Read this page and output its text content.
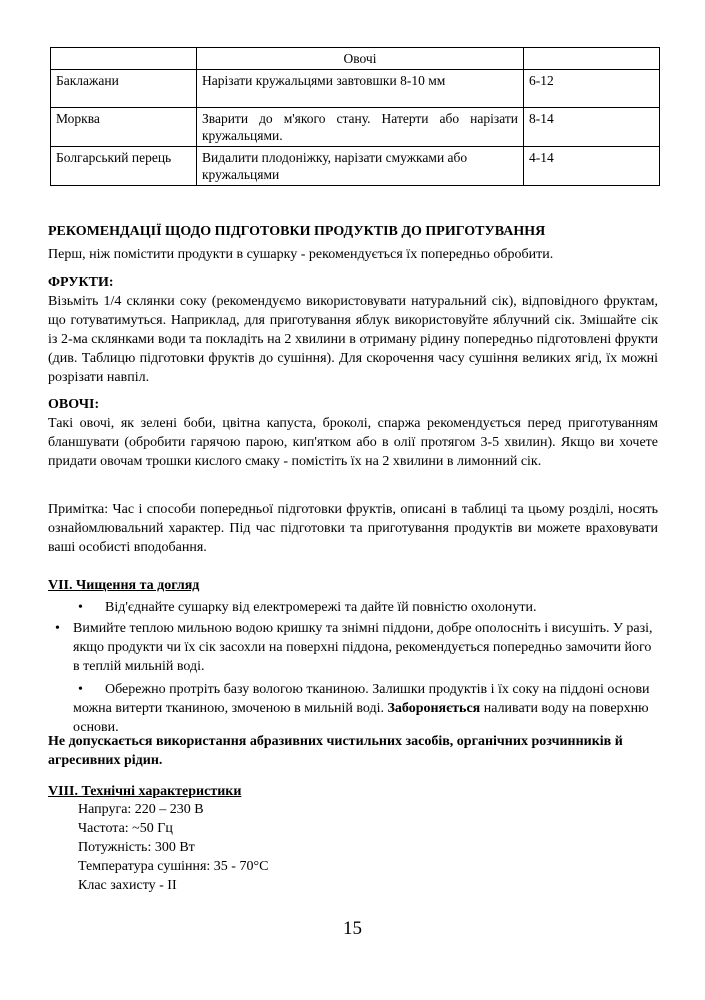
	Овочі	
Баклажани	Нарізати кружальцями завтовшки 8-10 мм	6-12
Морква	Зварити до м'якого стану. Натерти або нарізати кружальцями.	8-14
Болгарський перець	Видалити плодоніжку, нарізати смужками або кружальцями	4-14

РЕКОМЕНДАЦІЇ ЩОДО ПІДГОТОВКИ ПРОДУКТІВ ДО ПРИГОТУВАННЯ

Перш, ніж помістити продукти в сушарку - рекомендується їх попередньо обробити.

ФРУКТИ:

Візьміть 1/4 склянки соку (рекомендуємо використовувати натуральний сік), відповідного фруктам, що готуватимуться. Наприклад, для приготування яблук використовуйте яблучний сік. Змішайте сік із 2-ма склянками води та покладіть на 2 хвилини в отриману рідину попередньо підготовлені фрукти (див. Таблицю підготовки фруктів до сушіння). Для скорочення часу сушіння великих ягід, їх можні розрізати навпіл.

ОВОЧІ:

Такі овочі, як зелені боби, цвітна капуста, броколі, спаржа рекомендується перед приготуванням бланшувати (обробити гарячою парою, кип'ятком або в олії протягом 3-5 хвилин). Якщо ви хочете придати овочам трошки кислого смаку - помістіть їх на 2 хвилини в лимонний сік.

Примітка: Час і способи попередньої підготовки фруктів, описані в таблиці та цьому розділі, носять ознайомлювальний характер. Під час підготовки та приготування продуктів ви можете враховувати ваші особисті вподобання.

VII. Чищення та догляд

• Від'єднайте сушарку від електромережі та дайте їй повністю охолонути.
• Вимийте теплою мильною водою кришку та знімні піддони, добре ополосніть і висушіть. У разі, якщо продукти чи їх сік засохли на поверхні піддона, рекомендується попередньо замочити його в теплій мильній воді.
•	Обережно протріть базу вологою тканиною. Залишки продуктів і їх соку на піддоні основи можна витерти тканиною, змоченою в мильній воді. Забороняється наливати воду на поверхню основи.

Не допускається використання абразивних чистильних засобів, органічних розчинників й агресивних рідин.

VIII. Технічні характеристики

Напруга: 220 – 230 В
Частота: ~50 Гц
Потужність: 300 Вт
Температура сушіння: 35 - 70°С
Клас захисту - II
15
